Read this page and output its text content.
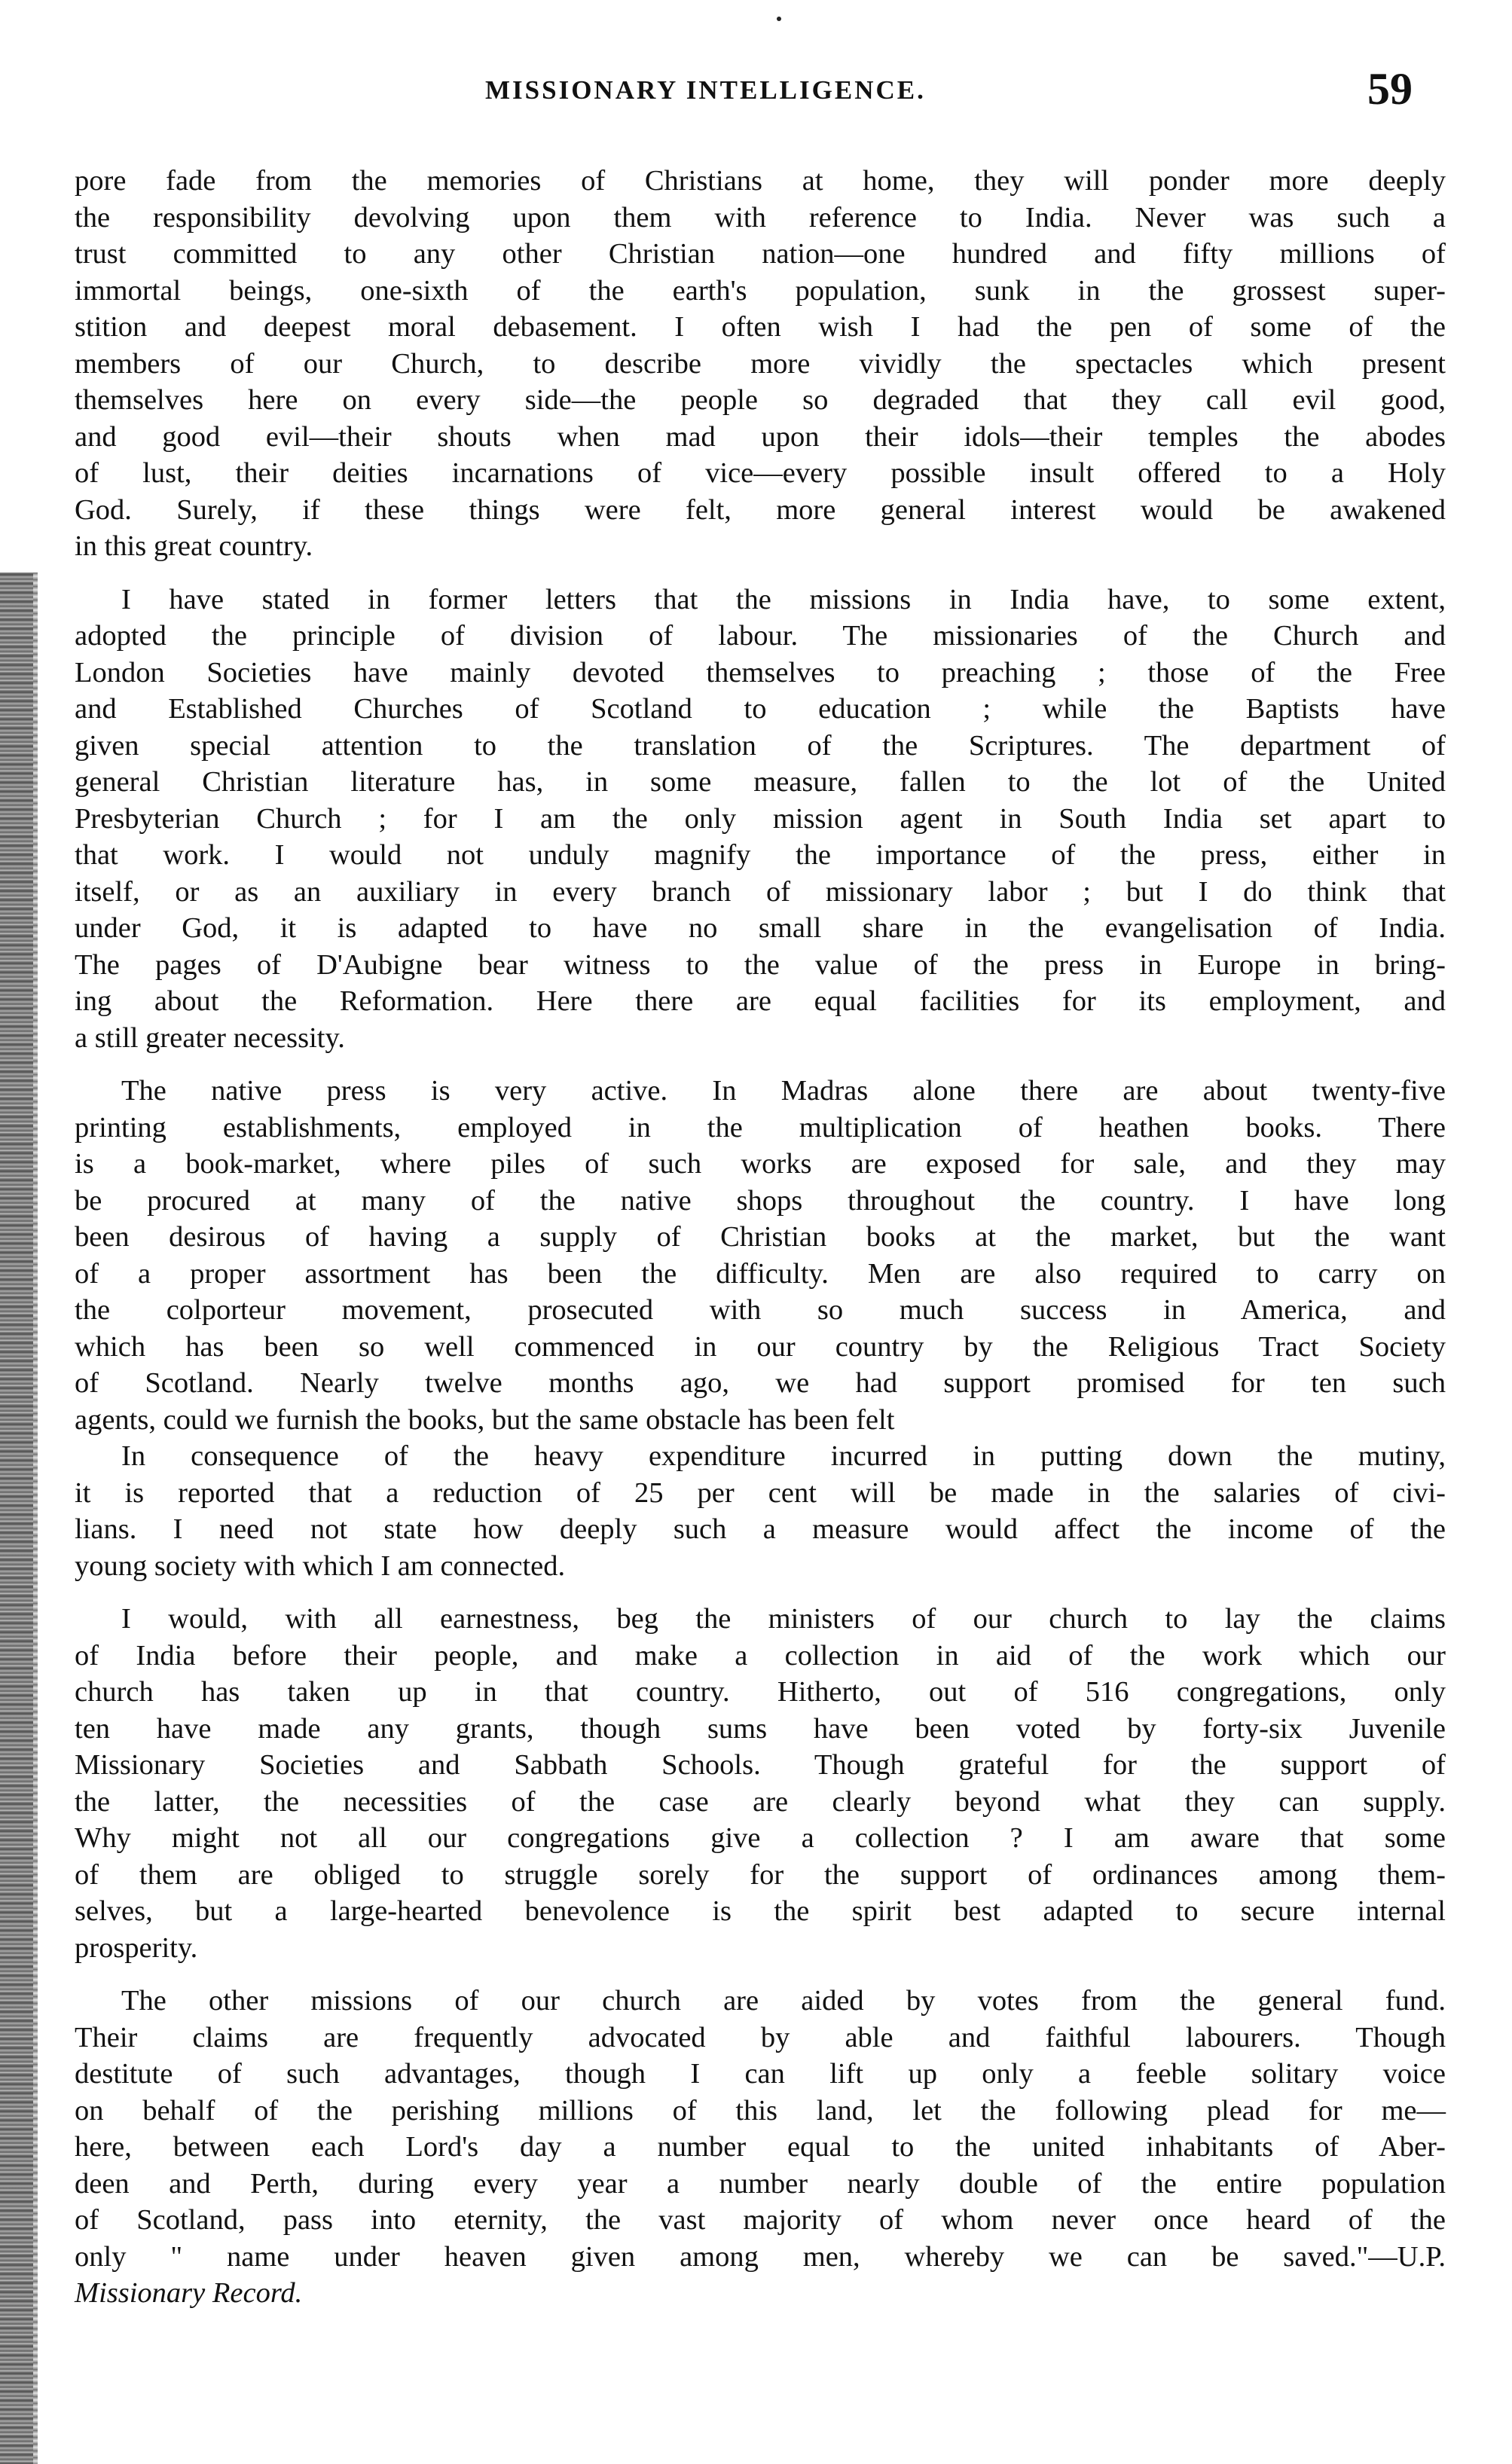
MISSIONARY INTELLIGENCE.	59
pore fade from the memories of Christians at home, they will ponder more deeply
the responsibility devolving upon them with reference to India. Never was such a
trust committed to any other Christian nation—one hundred and fifty millions of
immortal beings, one-sixth of the earth's population, sunk in the grossest super-
stition and deepest moral debasement. I often wish I had the pen of some of the
members of our Church, to describe more vividly the spectacles which present
themselves here on every side—the people so degraded that they call evil good,
and good evil—their shouts when mad upon their idols—their temples the abodes
of lust, their deities incarnations of vice—every possible insult offered to a Holy
God. Surely, if these things were felt, more general interest would be awakened
in this great country.
I have stated in former letters that the missions in India have, to some extent,
adopted the principle of division of labour. The missionaries of the Church and
London Societies have mainly devoted themselves to preaching ; those of the Free
and Established Churches of Scotland to education ; while the Baptists have
given special attention to the translation of the Scriptures. The department of
general Christian literature has, in some measure, fallen to the lot of the United
Presbyterian Church ; for I am the only mission agent in South India set apart to
that work. I would not unduly magnify the importance of the press, either in
itself, or as an auxiliary in every branch of missionary labor ; but I do think that
under God, it is adapted to have no small share in the evangelisation of India.
The pages of D'Aubigne bear witness to the value of the press in Europe in bring-
ing about the Reformation. Here there are equal facilities for its employment, and
a still greater necessity.
The native press is very active. In Madras alone there are about twenty-five
printing establishments, employed in the multiplication of heathen books. There
is a book-market, where piles of such works are exposed for sale, and they may
be procured at many of the native shops throughout the country. I have long
been desirous of having a supply of Christian books at the market, but the want
of a proper assortment has been the difficulty. Men are also required to carry on
the colporteur movement, prosecuted with so much success in America, and
which has been so well commenced in our country by the Religious Tract Society
of Scotland. Nearly twelve months ago, we had support promised for ten such
agents, could we furnish the books, but the same obstacle has been felt
In consequence of the heavy expenditure incurred in putting down the mutiny,
it is reported that a reduction of 25 per cent will be made in the salaries of civi-
lians. I need not state how deeply such a measure would affect the income of the
young society with which I am connected.
I would, with all earnestness, beg the ministers of our church to lay the claims
of India before their people, and make a collection in aid of the work which our
church has taken up in that country. Hitherto, out of 516 congregations, only
ten have made any grants, though sums have been voted by forty-six Juvenile
Missionary Societies and Sabbath Schools. Though grateful for the support of
the latter, the necessities of the case are clearly beyond what they can supply.
Why might not all our congregations give a collection ? I am aware that some
of them are obliged to struggle sorely for the support of ordinances among them-
selves, but a large-hearted benevolence is the spirit best adapted to secure internal
prosperity.
The other missions of our church are aided by votes from the general fund.
Their claims are frequently advocated by able and faithful labourers. Though
destitute of such advantages, though I can lift up only a feeble solitary voice
on behalf of the perishing millions of this land, let the following plead for me—
here, between each Lord's day a number equal to the united inhabitants of Aber-
deen and Perth, during every year a number nearly double of the entire population
of Scotland, pass into eternity, the vast majority of whom never once heard of the
only " name under heaven given among men, whereby we can be saved."—U.P.
Missionary Record.
